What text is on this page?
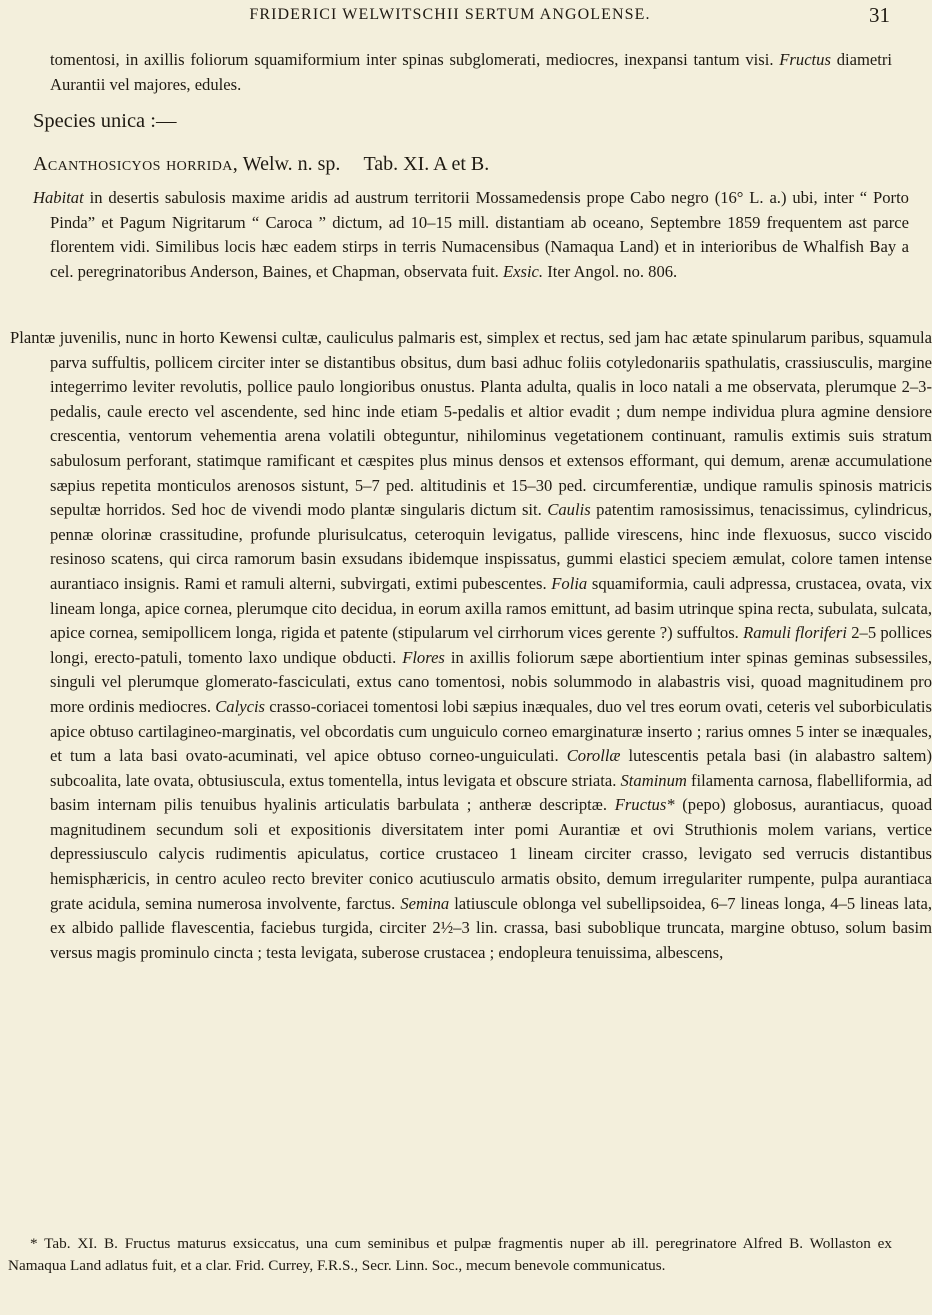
FRIDERICI WELWITSCHII SERTUM ANGOLENSE.	31
tomentosi, in axillis foliorum squamiformium inter spinas subglomerati, mediocres, inexpansi tantum visi. Fructus diametri Aurantii vel majores, edules.
Species unica :—
Acanthosicyos horrida, Welw. n. sp. Tab. XI. A et B.
Habitat in desertis sabulosis maxime aridis ad austrum territorii Mossamedensis prope Cabo negro (16° L. a.) ubi, inter “ Porto Pinda” et Pagum Nigritarum “ Caroca ” dictum, ad 10–15 mill. distantiam ab oceano, Septembre 1859 frequentem ast parce florentem vidi. Similibus locis hæc eadem stirps in terris Numacensibus (Namaqua Land) et in interioribus de Whalfish Bay a cel. peregrinatoribus Anderson, Baines, et Chapman, observata fuit. Exsic. Iter Angol. no. 806.
Plantæ juvenilis, nunc in horto Kewensi cultæ, cauliculus palmaris est, simplex et rectus, sed jam hac ætate spinularum paribus, squamula parva suffultis, pollicem circiter inter se distantibus obsitus, dum basi adhuc foliis cotyledonariis spathulatis, crassiusculis, margine integerrimo leviter revolutis, pollice paulo longioribus onustus. Planta adulta, qualis in loco natali a me observata, plerumque 2–3-pedalis, caule erecto vel ascendente, sed hinc inde etiam 5-pedalis et altior evadit ; dum nempe individua plura agmine densiore crescentia, ventorum vehementia arena volatili obteguntur, nihilominus vegetationem continuant, ramulis extimis suis stratum sabulosum perforant, statimque ramificant et cæspites plus minus densos et extensos efformant, qui demum, arenæ accumulatione sæpius repetita monticulos arenosos sistunt, 5–7 ped. altitudinis et 15–30 ped. circumferentiæ, undique ramulis spinosis matricis sepultæ horridos. Sed hoc de vivendi modo plantæ singularis dictum sit. Caulis patentim ramosissimus, tenacissimus, cylindricus, pennæ olorinæ crassitudine, profunde plurisulcatus, ceteroquin levigatus, pallide virescens, hinc inde flexuosus, succo viscido resinoso scatens, qui circa ramorum basin exsudans ibidemque inspissatus, gummi elastici speciem æmulat, colore tamen intense aurantiaco insignis. Rami et ramuli alterni, subvirgati, extimi pubescentes. Folia squamiformia, cauli adpressa, crustacea, ovata, vix lineam longa, apice cornea, plerumque cito decidua, in eorum axilla ramos emittunt, ad basim utrinque spina recta, subulata, sulcata, apice cornea, semipollicem longa, rigida et patente (stipularum vel cirrhorum vices gerente ?) suffultos. Ramuli floriferi 2–5 pollices longi, erecto-patuli, tomento laxo undique obducti. Flores in axillis foliorum sæpe abortientium inter spinas geminas subsessiles, singuli vel plerumque glomerato-fasciculati, extus cano tomentosi, nobis solummodo in alabastris visi, quoad magnitudinem pro more ordinis mediocres. Calycis crasso-coriacei tomentosi lobi sæpius inæquales, duo vel tres eorum ovati, ceteris vel suborbiculatis apice obtuso cartilagineo-marginatis, vel obcordatis cum unguiculo corneo emarginaturæ inserto ; rarius omnes 5 inter se inæquales, et tum a lata basi ovato-acuminati, vel apice obtuso corneo-unguiculati. Corollæ lutescentis petala basi (in alabastro saltem) subcoalita, late ovata, obtusiuscula, extus tomentella, intus levigata et obscure striata. Staminum filamenta carnosa, flabelliformia, ad basim internam pilis tenuibus hyalinis articulatis barbulata ; antheræ descriptæ. Fructus* (pepo) globosus, aurantiacus, quoad magnitudinem secundum soli et expositionis diversitatem inter pomi Aurantiæ et ovi Struthionis molem varians, vertice depressiusculo calycis rudimentis apiculatus, cortice crustaceo 1 lineam circiter crasso, levigato sed verrucis distantibus hemisphæricis, in centro aculeo recto breviter conico acutiusculo armatis obsito, demum irregulariter rumpente, pulpa aurantiaca grate acidula, semina numerosa involvente, farctus. Semina latiuscule oblonga vel subellipsoidea, 6–7 lineas longa, 4–5 lineas lata, ex albido pallide flavescentia, faciebus turgida, circiter 2½–3 lin. crassa, basi suboblique truncata, margine obtuso, solum basim versus magis prominulo cincta ; testa levigata, suberose crustacea ; endopleura tenuissima, albescens,
* Tab. XI. B. Fructus maturus exsiccatus, una cum seminibus et pulpæ fragmentis nuper ab ill. peregrinatore Alfred B. Wollaston ex Namaqua Land adlatus fuit, et a clar. Frid. Currey, F.R.S., Secr. Linn. Soc., mecum benevole communicatus.
